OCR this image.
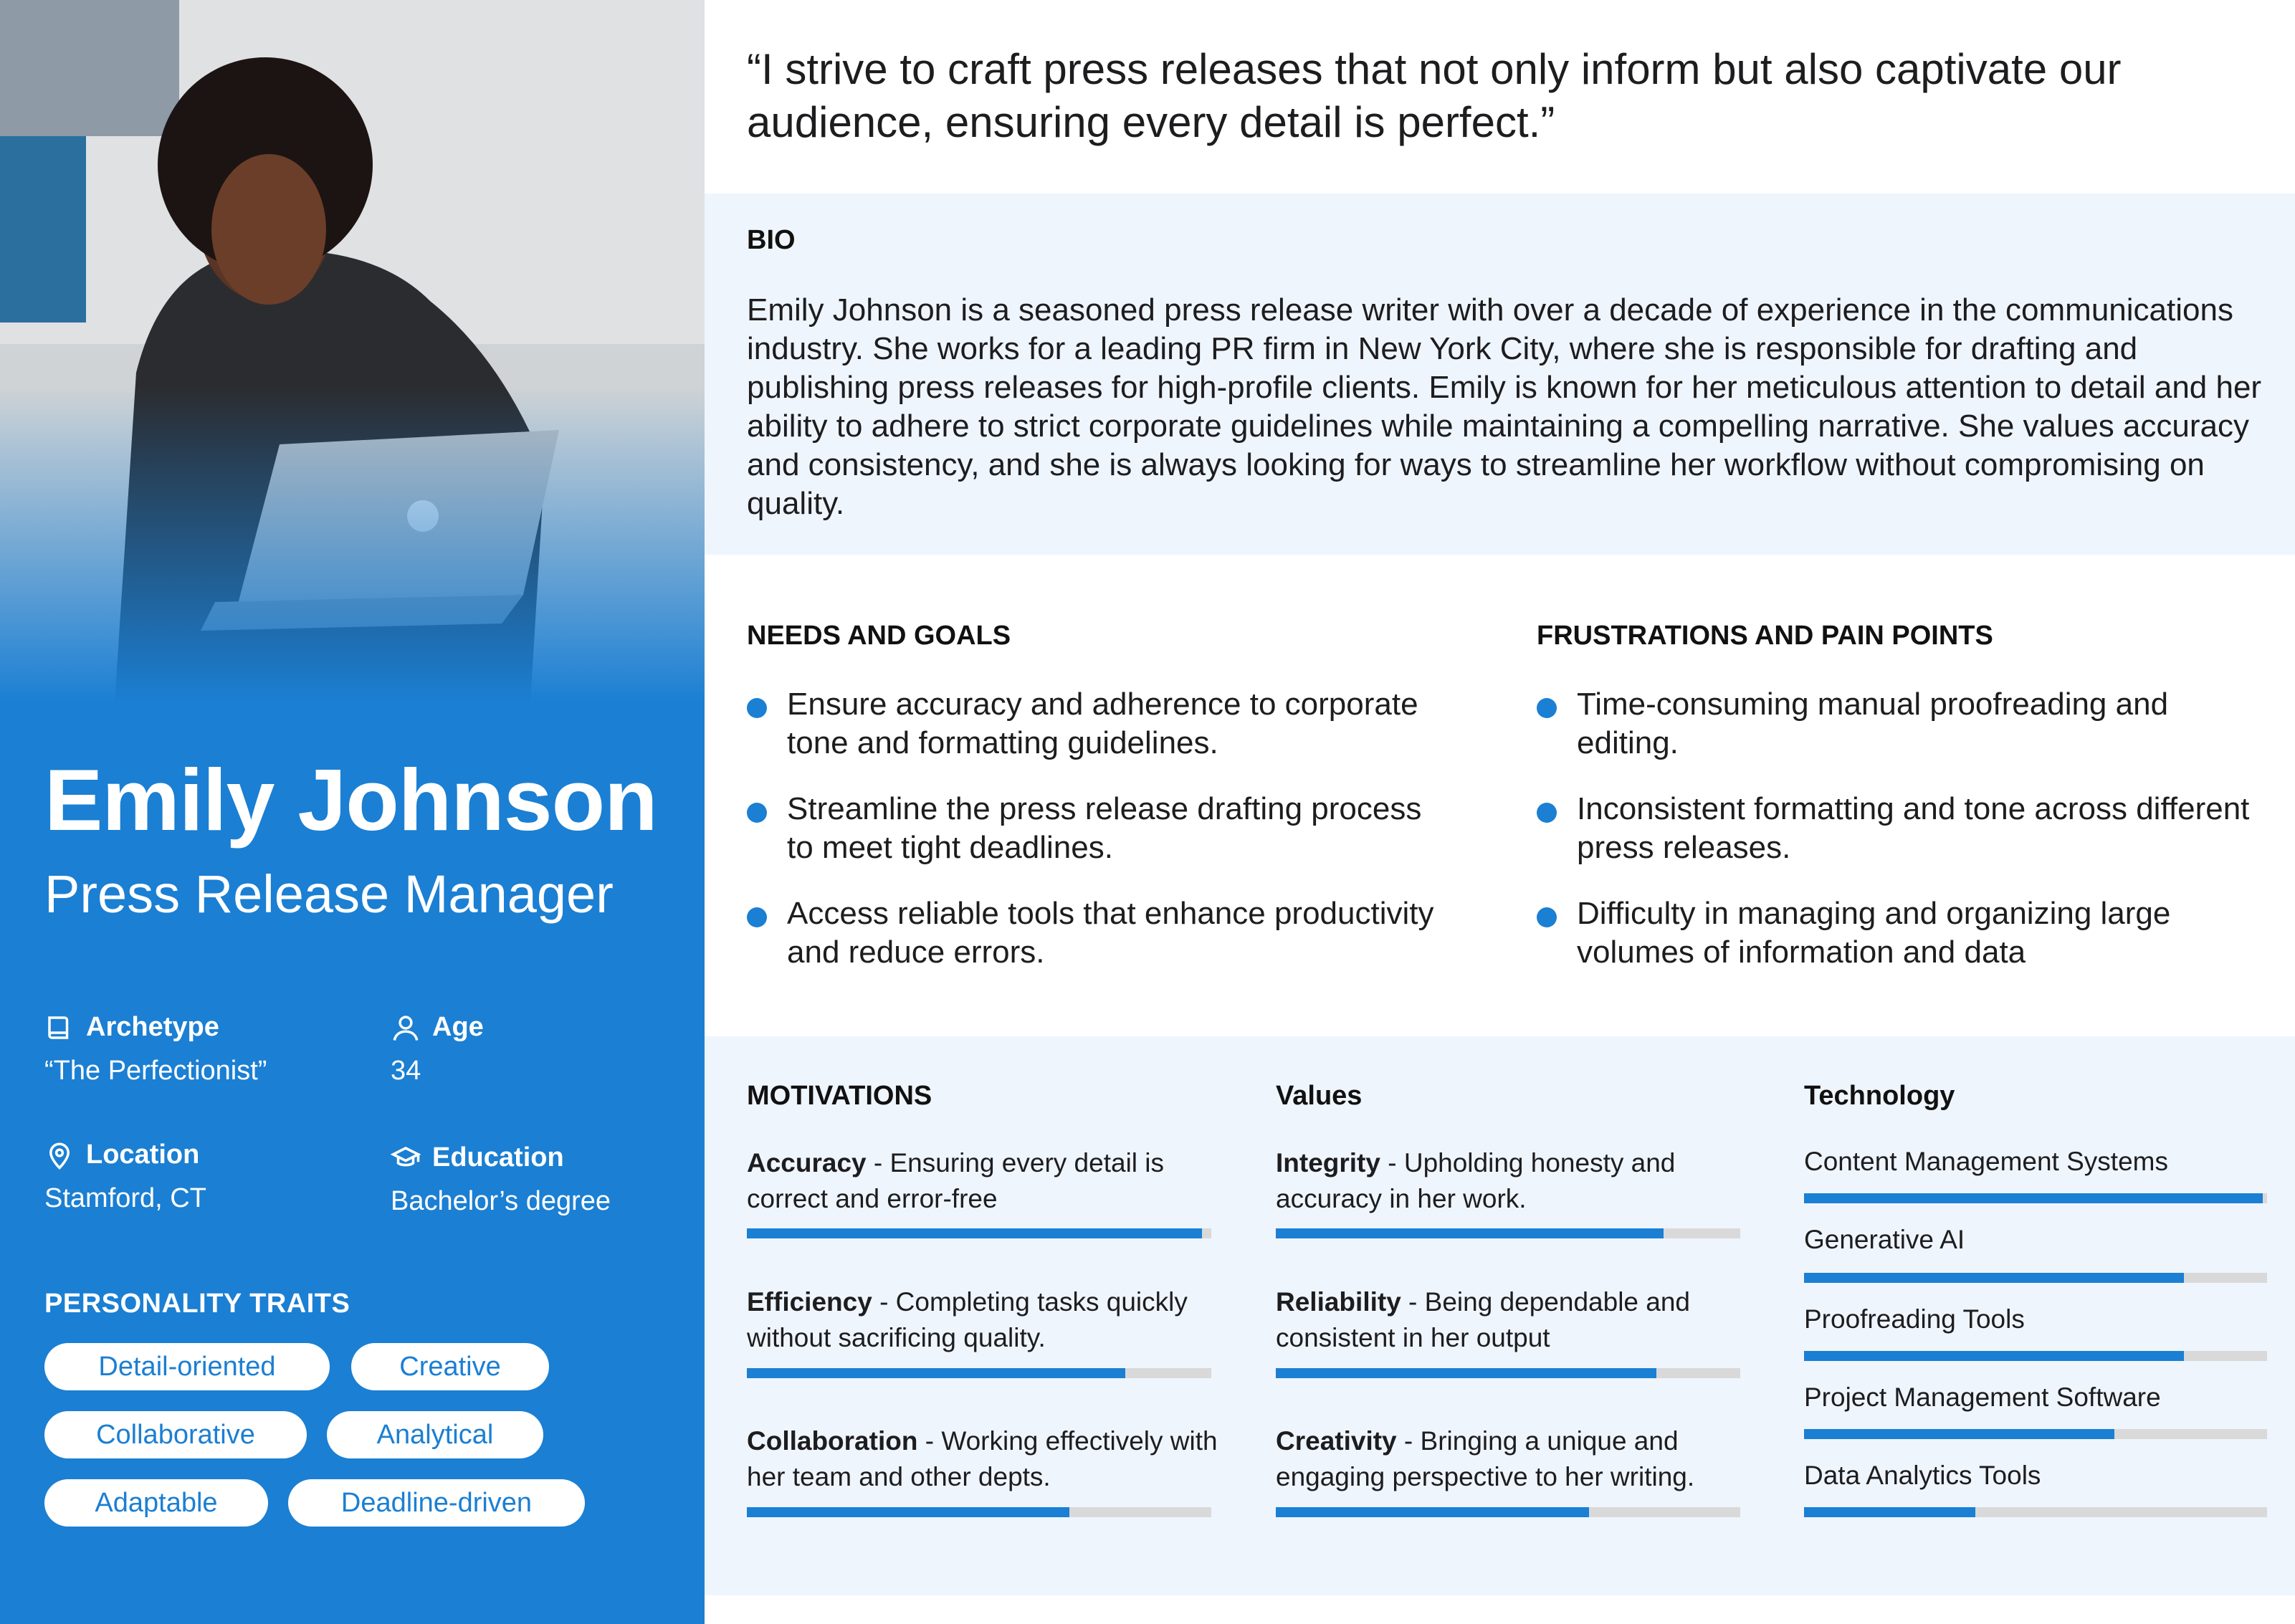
Emily Johnson
Press Release Manager
Archetype
“The Perfectionist”
Age
34
Location
Stamford, CT
Education
Bachelor’s degree
PERSONALITY TRAITS
Detail-oriented	Creative
Collaborative	Analytical
Adaptable	Deadline-driven
“I strive to craft press releases that not only inform but also captivate our audience, ensuring every detail is perfect.”
BIO
Emily Johnson is a seasoned press release writer with over a decade of experience in the communications industry. She works for a leading PR firm in New York City, where she is responsible for drafting and publishing press releases for high-profile clients. Emily is known for her meticulous attention to detail and her ability to adhere to strict corporate guidelines while maintaining a compelling narrative. She values accuracy and consistency, and she is always looking for ways to streamline her workflow without compromising on quality.
NEEDS AND GOALS
Ensure accuracy and adherence to corporate tone and formatting guidelines.
Streamline the press release drafting process to meet tight deadlines.
Access reliable tools that enhance productivity and reduce errors.
FRUSTRATIONS AND PAIN POINTS
Time-consuming manual proofreading and editing.
Inconsistent formatting and tone across different press releases.
Difficulty in managing and organizing large volumes of information and data
MOTIVATIONS
Accuracy - Ensuring every detail is correct and error-free
Efficiency - Completing tasks quickly without sacrificing quality.
Collaboration - Working effectively with her team and other depts.
Values
Integrity - Upholding honesty and accuracy in her work.
Reliability - Being dependable and consistent in her output
Creativity - Bringing a unique and engaging perspective to her writing.
Technology
Content Management Systems
Generative AI
Proofreading Tools
Project Management Software
Data Analytics Tools
